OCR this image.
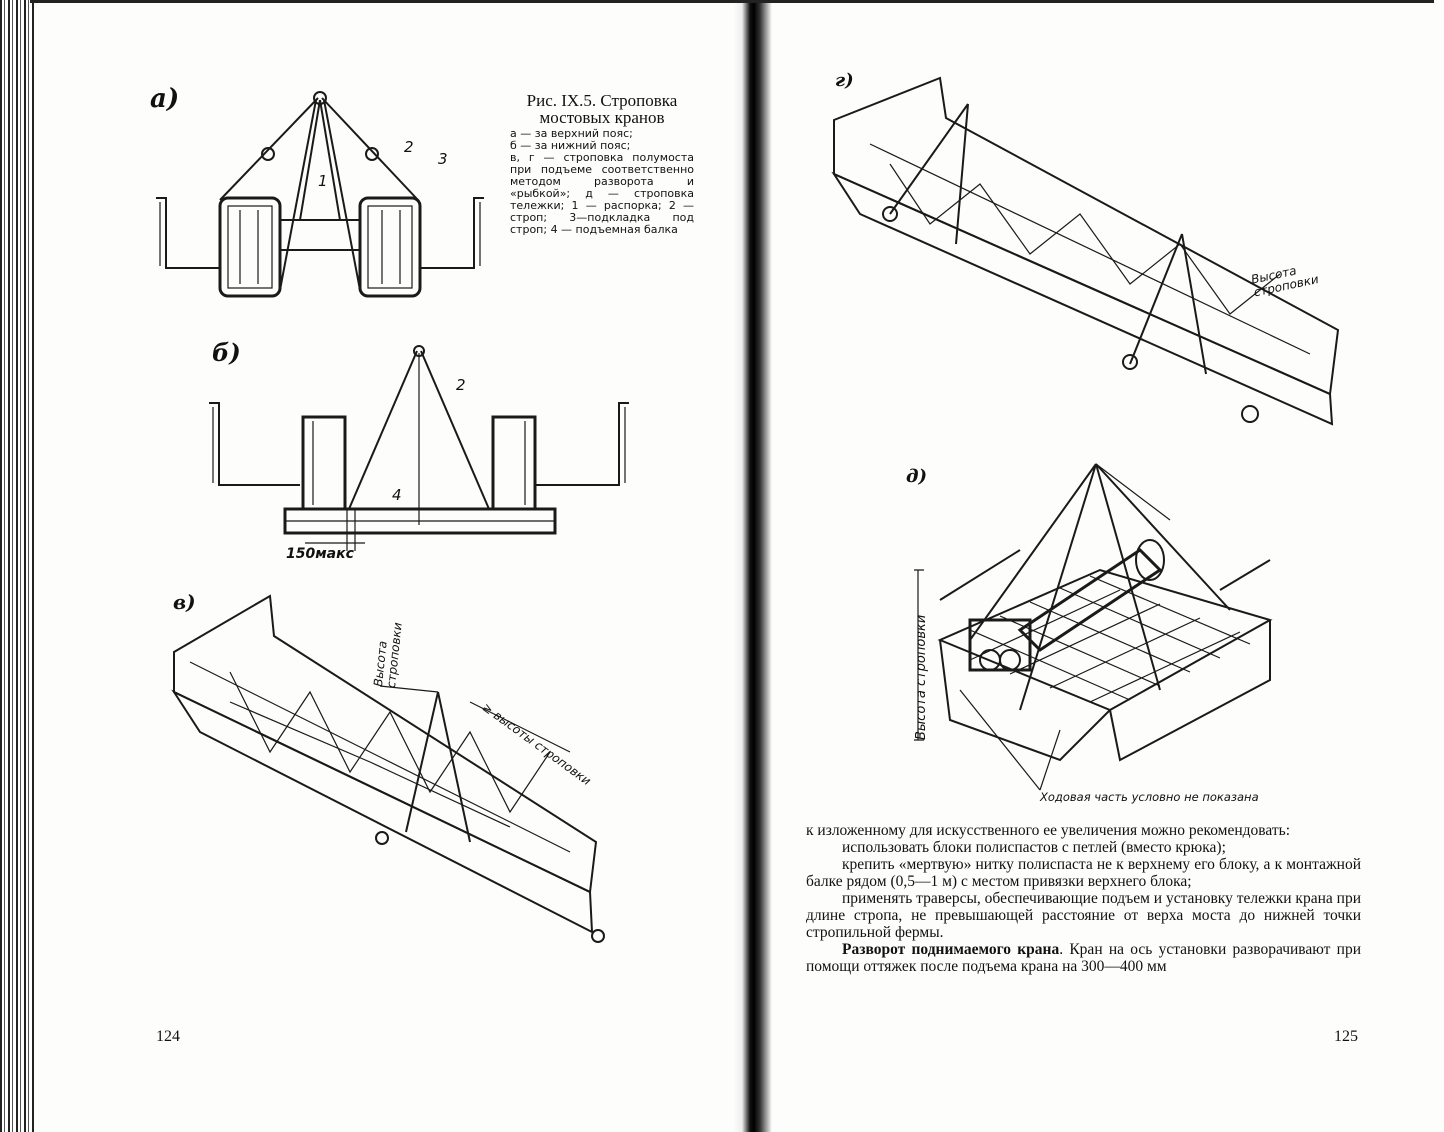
а)
1
2
3
Рис. IX.5. Строповка
мостовых кранов

а — за верхний пояс;

б — за нижний пояс;

в, г — строповка полумоста при подъеме соответственно методом разворота и «рыбкой»; д — строповка тележки; 1 — распорка; 2 — строп; 3—подкладка под строп; 4 — подъемная балка

б)
2
4
150макс
в)
Высота строповки
≥ высоты строповки
г)
Высота строповки
д)
Высота строповки
Ходовая часть условно не показана

к изложенному для искусственного ее увеличения можно рекомендовать:

использовать блоки полиспастов с петлей (вместо крюка);

крепить «мертвую» нитку полиспаста не к верхнему его блоку, а к монтажной балке рядом (0,5—1 м) с местом привязки верхнего блока;

применять траверсы, обеспечивающие подъем и установку тележки крана при длине стропа, не превышающей расстояние от верха моста до нижней точки стропильной фермы.

Разворот поднимаемого крана. Кран на ось установки разворачивают при помощи оттяжек после подъема крана на 300—400 мм

124	125
